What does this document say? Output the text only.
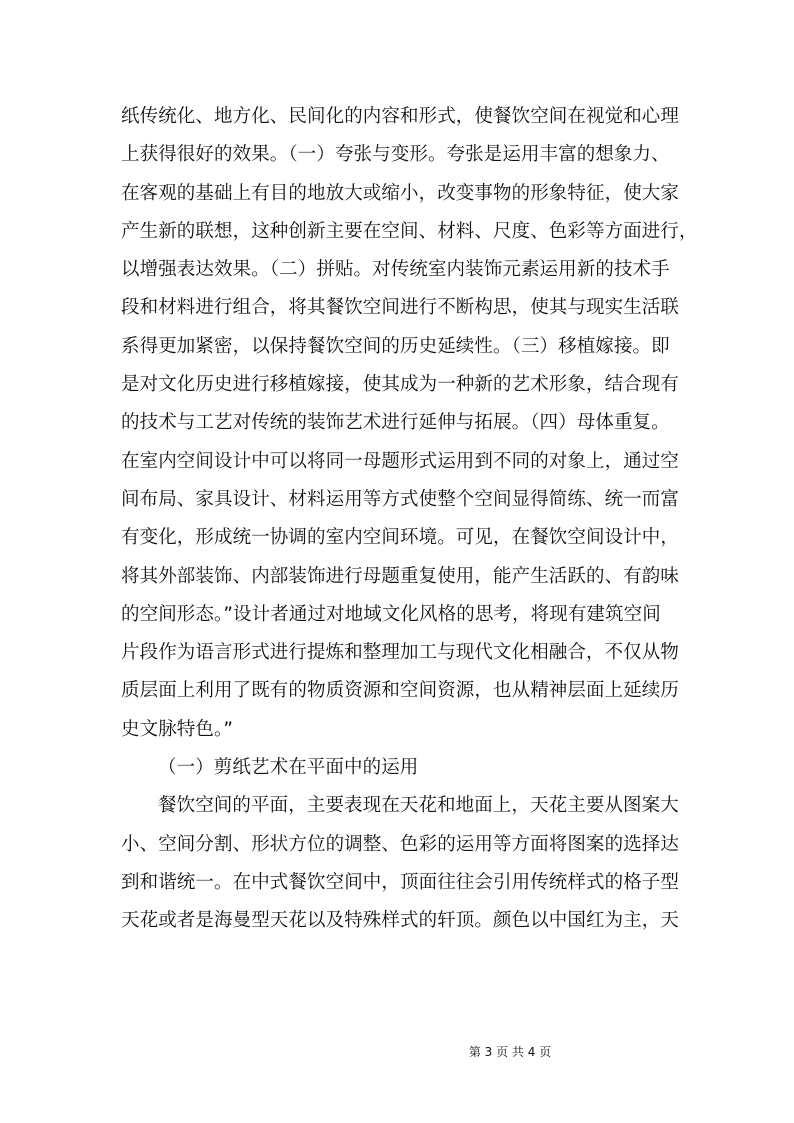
纸传统化、地方化、民间化的内容和形式，使餐饮空间在视觉和心理
上获得很好的效果。（一）夸张与变形。夸张是运用丰富的想象力、
在客观的基础上有目的地放大或缩小，改变事物的形象特征，使大家
产生新的联想，这种创新主要在空间、材料、尺度、色彩等方面进行，
以增强表达效果。（二）拼贴。对传统室内装饰元素运用新的技术手
段和材料进行组合，将其餐饮空间进行不断构思，使其与现实生活联
系得更加紧密，以保持餐饮空间的历史延续性。（三）移植嫁接。即
是对文化历史进行移植嫁接，使其成为一种新的艺术形象，结合现有
的技术与工艺对传统的装饰艺术进行延伸与拓展。（四）母体重复。
在室内空间设计中可以将同一母题形式运用到不同的对象上，通过空
间布局、家具设计、材料运用等方式使整个空间显得简练、统一而富
有变化，形成统一协调的室内空间环境。可见，在餐饮空间设计中，
将其外部装饰、内部装饰进行母题重复使用，能产生活跃的、有韵味
的空间形态。”设计者通过对地域文化风格的思考，将现有建筑空间
片段作为语言形式进行提炼和整理加工与现代文化相融合，不仅从物
质层面上利用了既有的物质资源和空间资源，也从精神层面上延续历
史文脉特色。”
（一）剪纸艺术在平面中的运用
餐饮空间的平面，主要表现在天花和地面上，天花主要从图案大
小、空间分割、形状方位的调整、色彩的运用等方面将图案的选择达
到和谐统一。在中式餐饮空间中，顶面往往会引用传统样式的格子型
天花或者是海曼型天花以及特殊样式的轩顶。颜色以中国红为主，天
第 3 页 共 4 页
